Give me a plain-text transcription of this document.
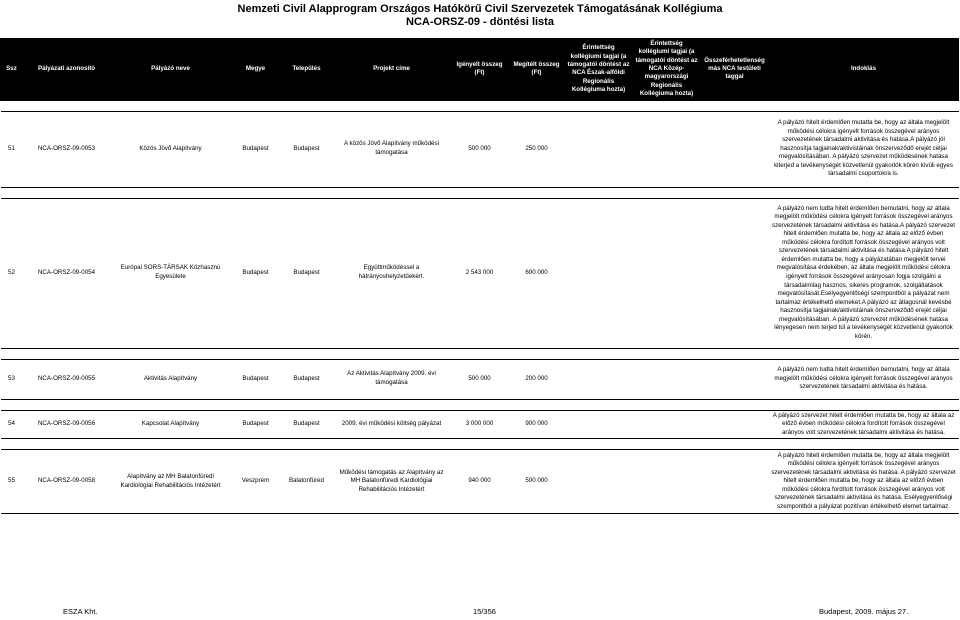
Nemzeti Civil Alapprogram Országos Hatókörű Civil Szervezetek Támogatásának Kollégiuma
NCA-ORSZ-09 - döntési lista
Ssz	Pályázati azonosító	Pályázó neve	Megye	Település	Projekt címe	Igényelt összeg (Ft)	Megítélt összeg (Ft)	Érintettség kollégiumi tagjai (a támogatói döntést az NCA Észak-alföldi Regionális Kollégiuma hozta)	Érintettség kollégiumi tagjai (a támogatói döntést az NCA Közép-magyarországi Regionális Kollégiuma hozta)	Összeférhetetlenség más NCA testületi taggal	Indoklás

51	NCA-ORSZ-09-0053	Közös Jövő Alapítvány	Budapest	Budapest	A közös Jövő Alapítvány működési támogatása	500 000	250 000				A pályázó hitelt érdemlően mutatta be, hogy az általa megjelölt működési célokra igényelt források összegével arányos szervezetének társadalmi aktivitása és hatása.A pályázó jól hasznosítja tagjainak/aktivistáinak önszerveződő erejét céljai megvalósításában. A pályázó szervezet működésének hatása kiterjed a tevékenységét közvetlenül gyakorlók körén kívüli egyes társadalmi csoportokra is.

52	NCA-ORSZ-09-0054	Európai SORS-TÁRSAK Közhasznú Egyesülete	Budapest	Budapest	Együttműködéssel a hátrányoshelyzetűekért.	2 543 000	600 000				A pályázó nem tudta hitelt érdemlően bemutatni, hogy az általa megjelölt működési célokra igényelt források összegével arányos szervezetének társadalmi aktivitása és hatása.A pályázó szervezet hitelt érdemlően mutatta be, hogy az általa az előző évben működési célokra fordított források összegével arányos volt szervezetének társadalmi aktivitása és hatása.A pályázó hitelt érdemlően mutatta be, hogy a pályázatában megjelölt tervei megvalósítása érdekében, az általa megjelölt működési célokra igényelt források összegével arányosan fogja szolgálni a társadalmilag hasznos, sikeres programok, szolgáltatások megvalósítását.Esélyegyenlőségi szempontból a pályázat nem tartalmaz értékelhető elemeket.A pályázó az átlagosnál kevésbé hasznosítja tagjainak/aktivistáinak önszerveződő erejét céljai megvalósításában. A pályázó szervezet működésének hatása lényegesen nem terjed túl a tevékenységét közvetlenül gyakorlók körén.

53	NCA-ORSZ-09-0055	Aktivitás Alapítvány	Budapest	Budapest	Az Aktivitás Alapítvány 2009. évi támogatása	500 000	200 000				A pályázó nem tudta hitelt érdemlően bemutatni, hogy az általa megjelölt működési célokra igényelt források összegével arányos szervezetének társadalmi aktivitása és hatása.

54	NCA-ORSZ-09-0056	Kapcsolat Alapítvány	Budapest	Budapest	2009. évi működési költség pályázat	3 000 000	900 000				A pályázó szervezet hitelt érdemlően mutatta be, hogy az általa az előző évben működési célokra fordított források összegével arányos volt szervezetének társadalmi aktivitása és hatása.

55	NCA-ORSZ-09-0058	Alapítvány az MH Balatonfüredi Kardiológiai Rehabilitációs Intézetért	Veszprém	Balatonfüred	Működési támogatás az Alapítvány az MH Balatonfüredi Kardiológiai Rehabilitációs Intézetért	940 000	500 000				A pályázó hitelt érdemlően mutatta be, hogy az általa megjelölt működési célokra igényelt források összegével arányos szervezetének társadalmi aktivitása és hatása. A pályázó szervezet hitelt érdemlően mutatta be, hogy az általa az előző évben működési célokra fordított források összegével arányos volt szervezetének társadalmi aktivitása és hatása. Esélyegyenlőségi szempontból a pályázat pozitívan értékelhető elemet tartalmaz.
ESZA Kht.	15/356	Budapest, 2009. május 27.
